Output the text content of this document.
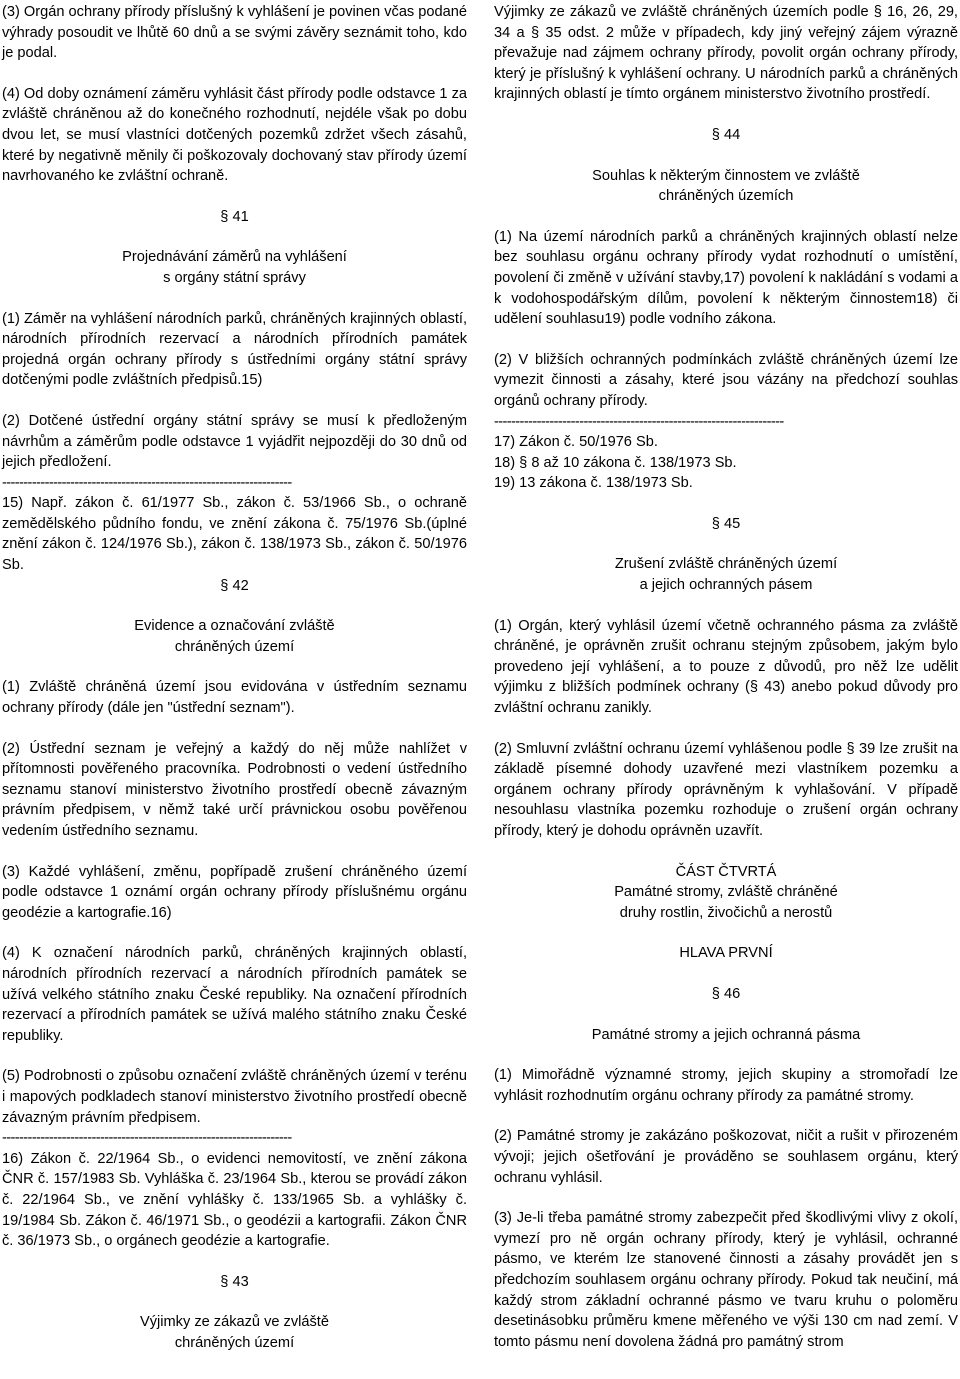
(3) Orgán ochrany přírody příslušný k vyhlášení je povinen včas podané výhrady posoudit ve lhůtě 60 dnů a se svými závěry seznámit toho, kdo je podal.

(4) Od doby oznámení záměru vyhlásit část přírody podle odstavce 1 za zvláště chráněnou až do konečného rozhodnutí, nejdéle však po dobu dvou let, se musí vlastníci dotčených pozemků zdržet všech zásahů, které by negativně měnily či poškozovaly dochovaný stav přírody území navrhovaného ke zvláštní ochraně.

§ 41

Projednávání záměrů na vyhlášení

s orgány státní správy

(1) Záměr na vyhlášení národních parků, chráněných krajinných oblastí, národních přírodních rezervací a národních přírodních památek projedná orgán ochrany přírody s ústředními orgány státní správy dotčenými podle zvláštních předpisů.15)

(2) Dotčené ústřední orgány státní správy se musí k předloženým návrhům a záměrům podle odstavce 1 vyjádřit nejpozději do 30 dnů od jejich předložení.

--------------------------------------------------------------------

15) Např. zákon č. 61/1977 Sb., zákon č. 53/1966 Sb., o ochraně zemědělského půdního fondu, ve znění zákona č. 75/1976 Sb.(úplné znění zákon č. 124/1976 Sb.), zákon č. 138/1973 Sb., zákon č. 50/1976 Sb.

§ 42

Evidence a označování zvláště

chráněných území

(1) Zvláště chráněná území jsou evidována v ústředním seznamu ochrany přírody (dále jen "ústřední seznam").

(2) Ústřední seznam je veřejný a každý do něj může nahlížet v přítomnosti pověřeného pracovníka. Podrobnosti o vedení ústředního seznamu stanoví ministerstvo životního prostředí obecně závazným právním předpisem, v němž také určí právnickou osobu pověřenou vedením ústředního seznamu.

(3) Každé vyhlášení, změnu, popřípadě zrušení chráněného území podle odstavce 1 oznámí orgán ochrany přírody příslušnému orgánu geodézie a kartografie.16)

(4) K označení národních parků, chráněných krajinných oblastí, národních přírodních rezervací a národních přírodních památek se užívá velkého státního znaku České republiky. Na označení přírodních rezervací a přírodních památek se užívá malého státního znaku České republiky.

(5) Podrobnosti o způsobu označení zvláště chráněných území v terénu i mapových podkladech stanoví ministerstvo životního prostředí obecně závazným právním předpisem.

--------------------------------------------------------------------

16) Zákon č. 22/1964 Sb., o evidenci nemovitostí, ve znění zákona ČNR č. 157/1983 Sb. Vyhláška č. 23/1964 Sb., kterou se provádí zákon č. 22/1964 Sb., ve znění vyhlášky č. 133/1965 Sb. a vyhlášky č. 19/1984 Sb. Zákon č. 46/1971 Sb., o geodézii a kartografii. Zákon ČNR č. 36/1973 Sb., o orgánech geodézie a kartografie.

§ 43

Výjimky ze zákazů ve zvláště

chráněných území

Výjimky ze zákazů ve zvláště chráněných územích podle § 16, 26, 29, 34 a § 35 odst. 2 může v případech, kdy jiný veřejný zájem výrazně převažuje nad zájmem ochrany přírody, povolit orgán ochrany přírody, který je příslušný k vyhlášení ochrany. U národních parků a chráněných krajinných oblastí je tímto orgánem ministerstvo životního prostředí.

§ 44

Souhlas k některým činnostem ve zvláště

chráněných územích

(1) Na území národních parků a chráněných krajinných oblastí nelze bez souhlasu orgánu ochrany přírody vydat rozhodnutí o umístění, povolení či změně v užívání stavby,17) povolení k nakládání s vodami a k vodohospodářským dílům, povolení k některým činnostem18) či udělení souhlasu19) podle vodního zákona.

(2) V bližších ochranných podmínkách zvláště chráněných území lze vymezit činnosti a zásahy, které jsou vázány na předchozí souhlas orgánů ochrany přírody.

--------------------------------------------------------------------

17) Zákon č. 50/1976 Sb.

18) § 8 až 10 zákona č. 138/1973 Sb.

19) 13 zákona č. 138/1973 Sb.

§ 45

Zrušení zvláště chráněných území

a jejich ochranných pásem

(1) Orgán, který vyhlásil území včetně ochranného pásma za zvláště chráněné, je oprávněn zrušit ochranu stejným způsobem, jakým bylo provedeno její vyhlášení, a to pouze z důvodů, pro něž lze udělit výjimku z bližších podmínek ochrany (§ 43) anebo pokud důvody pro zvláštní ochranu zanikly.

(2) Smluvní zvláštní ochranu území vyhlášenou podle § 39 lze zrušit na základě písemné dohody uzavřené mezi vlastníkem pozemku a orgánem ochrany přírody oprávněným k vyhlašování. V případě nesouhlasu vlastníka pozemku rozhoduje o zrušení orgán ochrany přírody, který je dohodu oprávněn uzavřít.

ČÁST ČTVRTÁ

Památné stromy, zvláště chráněné

druhy rostlin, živočichů a nerostů

HLAVA PRVNÍ

§ 46

Památné stromy a jejich ochranná pásma

(1) Mimořádně významné stromy, jejich skupiny a stromořadí lze vyhlásit rozhodnutím orgánu ochrany přírody za památné stromy.

(2) Památné stromy je zakázáno poškozovat, ničit a rušit v přirozeném vývoji; jejich ošetřování je prováděno se souhlasem orgánu, který ochranu vyhlásil.

(3) Je-li třeba památné stromy zabezpečit před škodlivými vlivy z okolí, vymezí pro ně orgán ochrany přírody, který je vyhlásil, ochranné pásmo, ve kterém lze stanovené činnosti a zásahy provádět jen s předchozím souhlasem orgánu ochrany přírody. Pokud tak neučiní, má každý strom základní ochranné pásmo ve tvaru kruhu o poloměru desetinásobku průměru kmene měřeného ve výši 130 cm nad zemí. V tomto pásmu není dovolena žádná pro památný strom
